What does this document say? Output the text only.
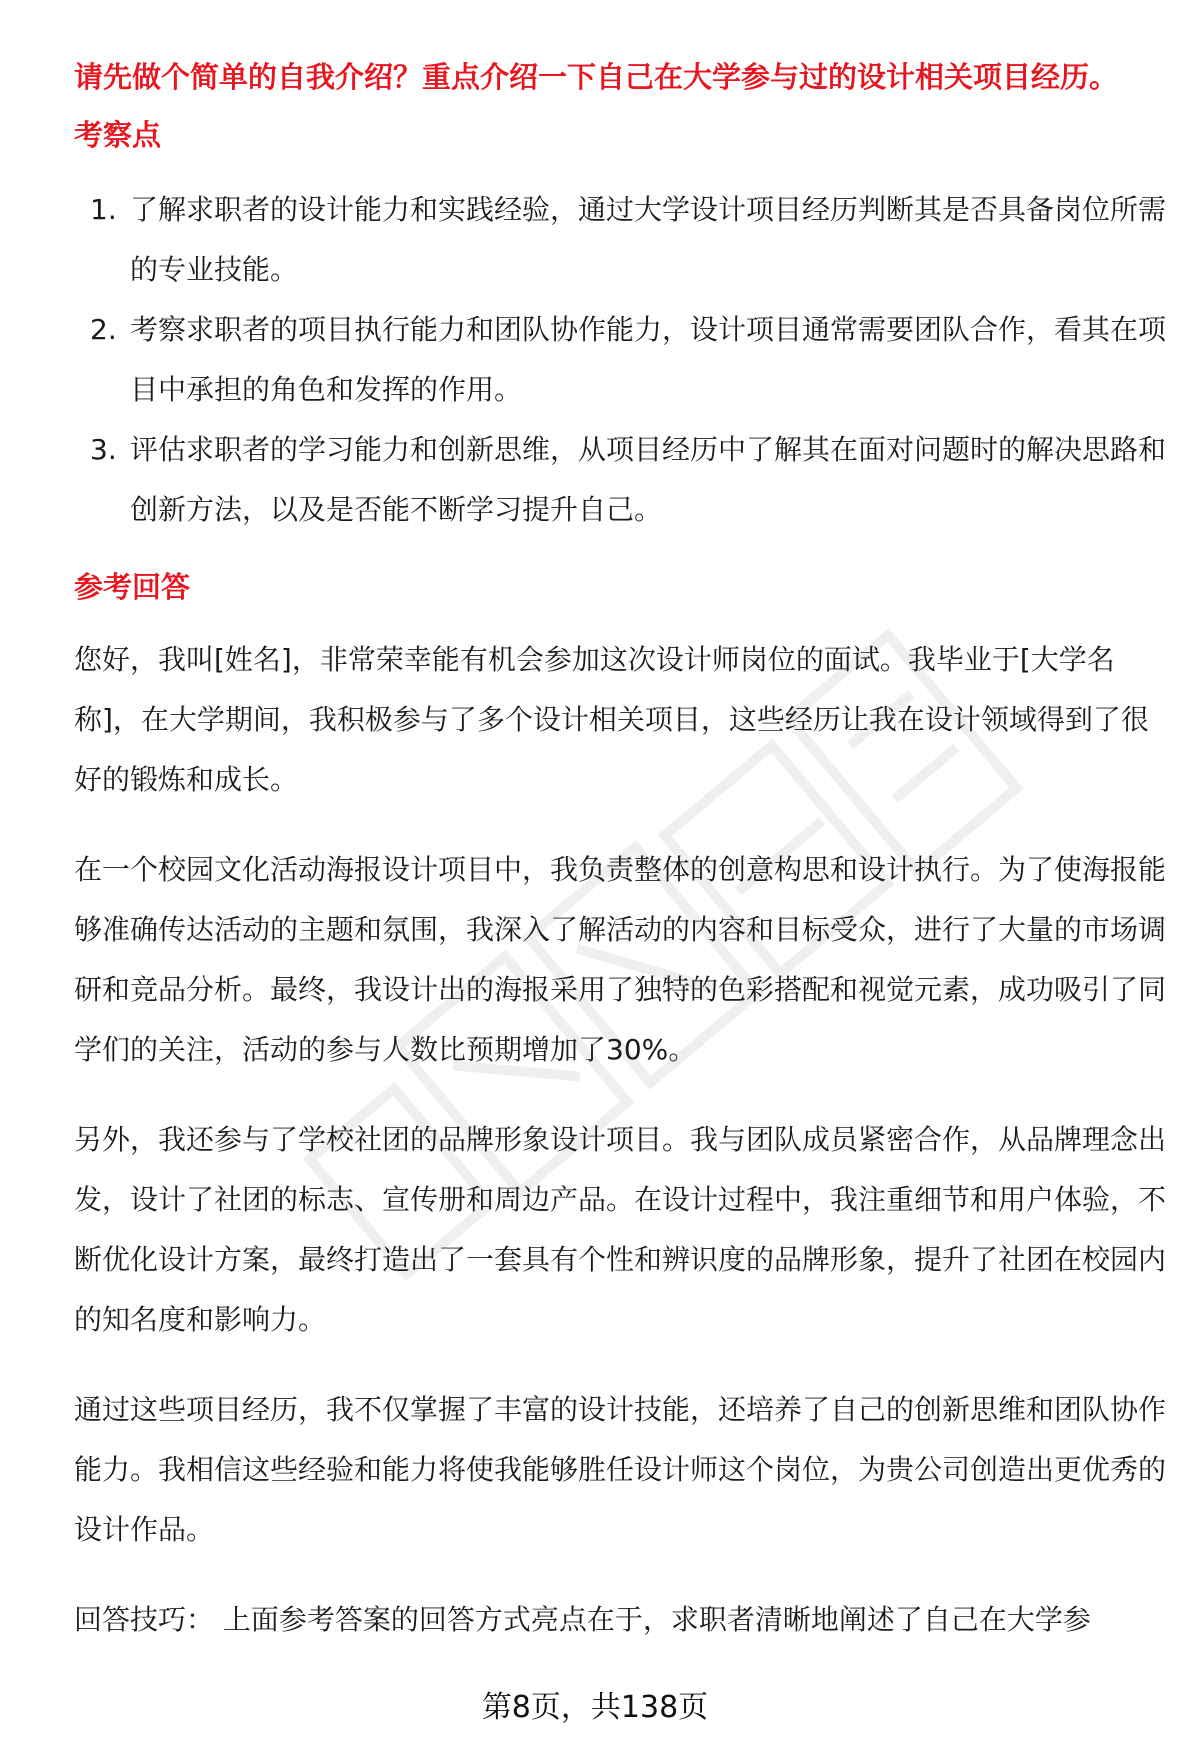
请先做个简单的自我介绍？重点介绍一下自己在大学参与过的设计相关项目经历。

考察点

1. 了解求职者的设计能力和实践经验，通过大学设计项目经历判断其是否具备岗位所需的专业技能。
2. 考察求职者的项目执行能力和团队协作能力，设计项目通常需要团队合作，看其在项目中承担的角色和发挥的作用。
3. 评估求职者的学习能力和创新思维，从项目经历中了解其在面对问题时的解决思路和创新方法，以及是否能不断学习提升自己。

参考回答

您好，我叫[姓名]，非常荣幸能有机会参加这次设计师岗位的面试。我毕业于[大学名称]，在大学期间，我积极参与了多个设计相关项目，这些经历让我在设计领域得到了很好的锻炼和成长。

在一个校园文化活动海报设计项目中，我负责整体的创意构思和设计执行。为了使海报能够准确传达活动的主题和氛围，我深入了解活动的内容和目标受众，进行了大量的市场调研和竞品分析。最终，我设计出的海报采用了独特的色彩搭配和视觉元素，成功吸引了同学们的关注，活动的参与人数比预期增加了30%。

另外，我还参与了学校社团的品牌形象设计项目。我与团队成员紧密合作，从品牌理念出发，设计了社团的标志、宣传册和周边产品。在设计过程中，我注重细节和用户体验，不断优化设计方案，最终打造出了一套具有个性和辨识度的品牌形象，提升了社团在校园内的知名度和影响力。

通过这些项目经历，我不仅掌握了丰富的设计技能，还培养了自己的创新思维和团队协作能力。我相信这些经验和能力将使我能够胜任设计师这个岗位，为贵公司创造出更优秀的设计作品。

回答技巧： 上面参考答案的回答方式亮点在于，求职者清晰地阐述了自己在大学参

第8页，共138页
